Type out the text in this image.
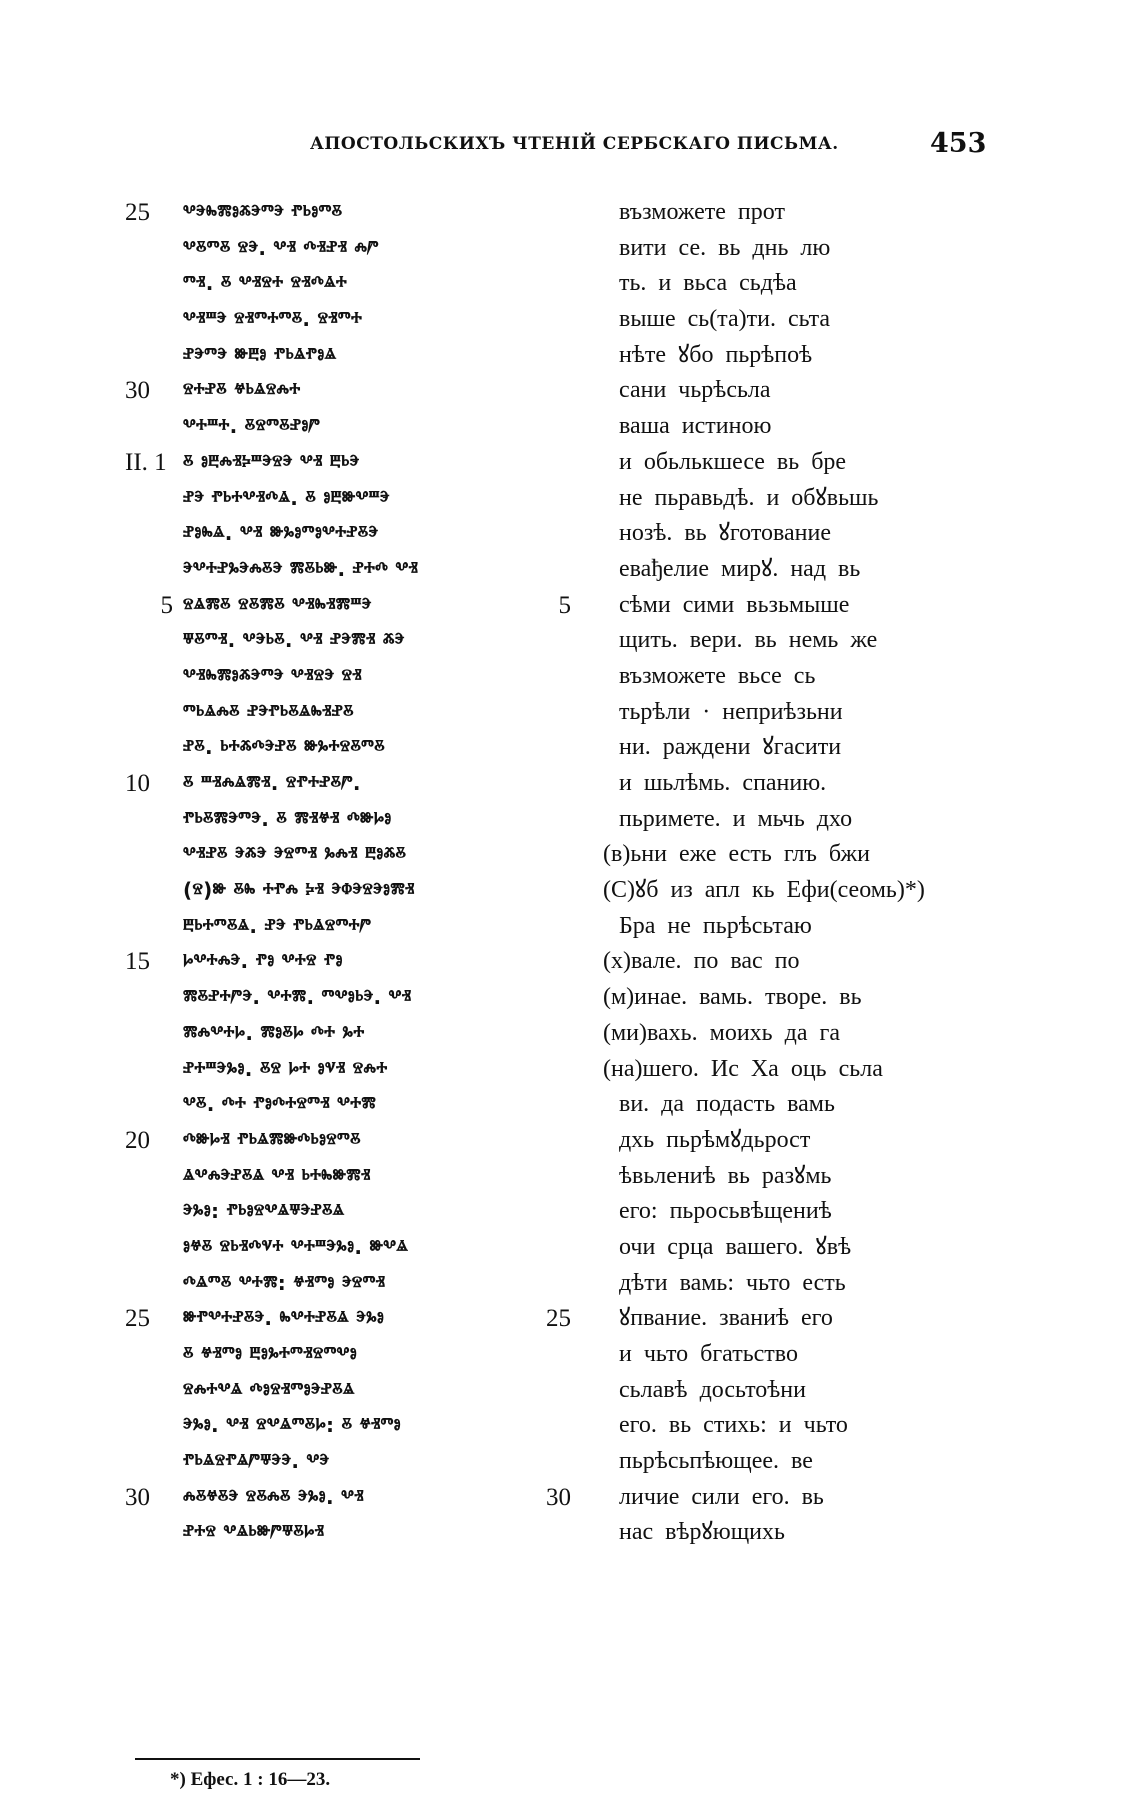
АПОСТОЛЬСКИХЪ ЧТЕНІЙ СЕРБСКАГО ПИСЬМА.	453
25	ⰲⰵⰸⰿⱁⰶⰵⱅⰵ ⱂⱃⱁⱅⰻ
ⰲⰻⱅⰻ ⱄⰵ. ⰲⱐ ⰴⱐⱀⱐ ⰾⱓ
ⱅⱐ. ⰻ ⰲⱐⱄⰰ ⱄⱐⰴⱑⰰ
ⰲⱐⱎⰵ ⱄⱐⱅⰰⱅⰻ. ⱄⱐⱅⰰ
ⱀⰵⱅⰵ ⱆⰱⱁ ⱂⱃⱑⱂⱁⱑ
30	ⱄⰰⱀⰻ ⱍⱃⱑⱄⰾⰰ
ⰲⰰⱎⰰ. ⰻⱄⱅⰻⱀⱁⱓ
II. 1 ⰻ ⱁⰱⰾⱐⰽⱎⰵⱄⰵ ⰲⱐ ⰱⱃⰵ
ⱀⰵ ⱂⱃⰰⰲⱐⰴⱑ. ⰻ ⱁⰱⱆⰲⱎⰵ
ⱀⱁⰸⱑ. ⰲⱐ ⱆⰳⱁⱅⱁⰲⰰⱀⰻⰵ
ⰵⰲⰰⱀⰳⰵⰾⰻⰵ ⰿⰻⱃⱆ. ⱀⰰⰴ ⰲⱐ
5 ⱄⱑⰿⰻ ⱄⰻⰿⰻ ⰲⱐⰸⱐⰿⱎⰵ
ⱋⰻⱅⱐ. ⰲⰵⱃⰻ. ⰲⱐ ⱀⰵⰿⱐ ⰶⰵ
ⰲⱐⰸⰿⱁⰶⰵⱅⰵ ⰲⱐⱄⰵ ⱄⱐ
ⱅⱃⱑⰾⰻ ⱀⰵⱂⱃⰻⱑⰸⱐⱀⰻ
ⱀⰻ. ⱃⰰⰶⰴⰵⱀⰻ ⱆⰳⰰⱄⰻⱅⰻ
10	ⰻ ⱎⱐⰾⱑⰿⱐ. ⱄⱂⰰⱀⰻⱓ.
ⱂⱃⰻⰿⰵⱅⰵ. ⰻ ⰿⱐⱍⱐ ⰴⱆⱈⱁ
ⰲⱐⱀⰻ ⰵⰶⰵ ⰵⱄⱅⱐ ⰳⰾⱐ ⰱⱁⰶⰻ
(ⱄ)ⱆ ⰻⰸ ⰰⱂⰾ ⰽⱐ ⰵⱇⰵⱄⰵⱁⰿⱐ
ⰱⱃⰰⱅⰻⱑ. ⱀⰵ ⱂⱃⱑⱄⱅⰰⱓ
15	ⱈⰲⰰⰾⰵ. ⱂⱁ ⰲⰰⱄ ⱂⱁ
ⰿⰻⱀⰰⱓⰵ. ⰲⰰⰿ. ⱅⰲⱁⱃⰵ. ⰲⱐ
ⰿⰾⰲⰰⱈ. ⰿⱁⰻⱈ ⰴⰰ ⰳⰰ
ⱀⰰⱎⰵⰳⱁ. ⰻⱄ ⱈⰰ ⱁⱌⱐ ⱄⰾⰰ
ⰲⰻ. ⰴⰰ ⱂⱁⰴⰰⱄⱅⱐ ⰲⰰⰿ
20	ⰴⱆⱈⱐ ⱂⱃⱑⰿⱆⰴⱃⱁⱄⱅⰻ
ⱑⰲⰾⰵⱀⰻⱑ ⰲⱐ ⱃⰰⰸⱆⰿⱐ
ⰵⰳⱁ: ⱂⱃⱁⱄⰲⱑⱋⰵⱀⰻⱑ
ⱁⱍⰻ ⱄⱃⱐⰴⱌⰰ ⰲⰰⱎⰵⰳⱁ. ⱆⰲⱑ
ⰴⱑⱅⰻ ⰲⰰⰿ: ⱍⱐⱅⱁ ⰵⱄⱅⱐ
25	ⱆⱂⰲⰰⱀⰻⰵ. ⰸⰲⰰⱀⰻⱑ ⰵⰳⱁ
ⰻ ⱍⱐⱅⱁ ⰱⱁⰳⰰⱅⱐⱄⱅⰲⱁ
ⱄⰾⰰⰲⱑ ⰴⱁⱄⱐⱅⱁⰵⱀⰻⱑ
ⰵⰳⱁ. ⰲⱐ ⱄⰲⱑⱅⰻⱈ: ⰻ ⱍⱐⱅⱁ
ⱂⱃⱑⱄⱂⱑⱓⱋⰵⰵ. ⰲⰵ
30	ⰾⰻⱍⰻⰵ ⱄⰻⰾⰻ ⰵⰳⱁ. ⰲⱐ
ⱀⰰⱄ ⰲⱑⱃⱆⱓⱋⰻⱈⱐ
възможете прот
вити се. вь днь лю
ть. и вьса сьдѣа
выше сь(та)ти. сьта
нѣте ꙋбо пьрѣпоѣ
сани чьрѣсьла
ваша истиною
и обьлькшесе вь бре
не пьравьдѣ. и обꙋвьшь
нозѣ. вь ꙋготование
евађелие мирꙋ. над вь
5 сѣми сими вьзьмыше
щить. вери. вь немь же
възможете вьсе сь
тьрѣли · неприѣзьни
ни. раждени ꙋгасити
и шьлѣмь. спанию.
пьримете. и мьчь дхо
(в)ьни еже есть глъ бжи
(С)ꙋб из апл кь Ефи(сеомь)*)
Бра не пьрѣсьтаю
(х)вале. по вас по
(м)инаe. вамь. творе. вь
(ми)вахь. моихь да гa
(на)шего. Ис Ха оць сьла
ви. да подасть вамь
дхь пьрѣмꙋдьрост
ѣвьлениѣ вь разꙋмь
его: пьросьвѣщениѣ
очи срца вашего. ꙋвѣ
дѣти вамь: чьто есть
25 ꙋпвание. званиѣ его
и чьто бгатьство
сьлавѣ досьтоѣни
его. вь стихь: и чьто
пьрѣсьпѣющее. ве
30 личие сили его. вь
нас вѣрꙋющихь
*) Ефес. 1 : 16—23.
